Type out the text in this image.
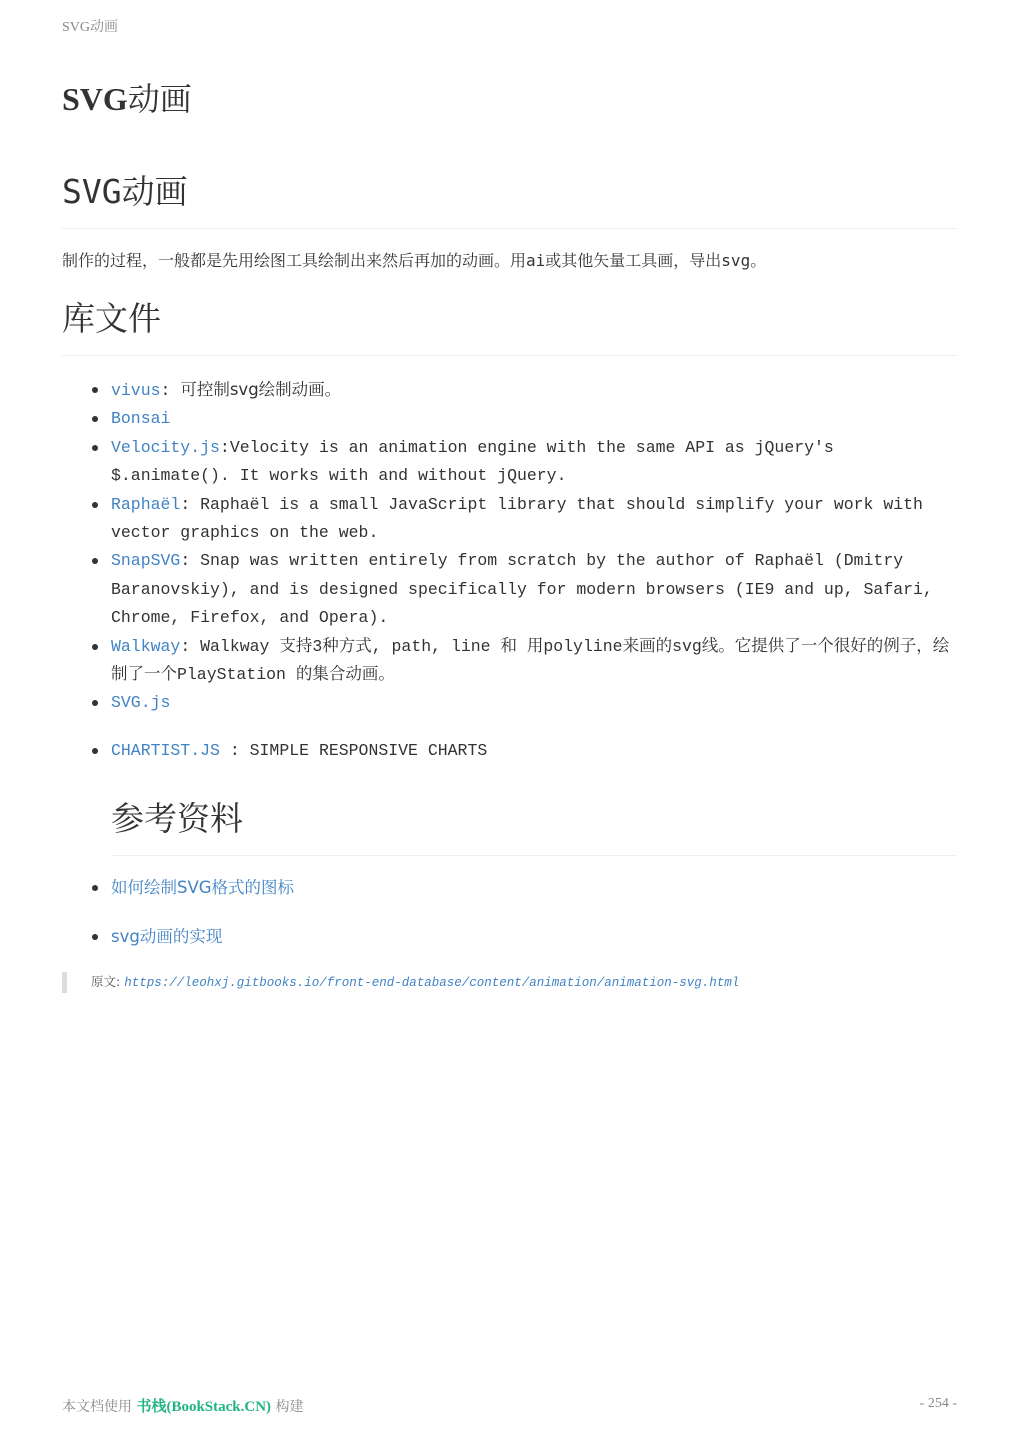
SVG动画
SVG动画
SVG动画

制作的过程，一般都是先用绘图工具绘制出来然后再加的动画。用ai或其他矢量工具画，导出svg。

库文件
vivus: 可控制svg绘制动画。
Bonsai
Velocity.js:Velocity is an animation engine with the same API as jQuery's $.animate(). It works with and without jQuery.
Raphaël: Raphaël is a small JavaScript library that should simplify your work with vector graphics on the web.
SnapSVG: Snap was written entirely from scratch by the author of Raphaël (Dmitry Baranovskiy), and is designed specifically for modern browsers (IE9 and up, Safari, Chrome, Firefox, and Opera).
Walkway: Walkway 支持3种方式, path, line 和 用polyline来画的svg线。它提供了一个很好的例子，绘制了一个PlayStation 的集合动画。
SVG.js
CHARTIST.JS : SIMPLE RESPONSIVE CHARTS
参考资料
如何绘制SVG格式的图标
svg动画的实现
原文: https://leohxj.gitbooks.io/front-end-database/content/animation/animation-svg.html
本文档使用 书栈(BookStack.CN) 构建	- 254 -
